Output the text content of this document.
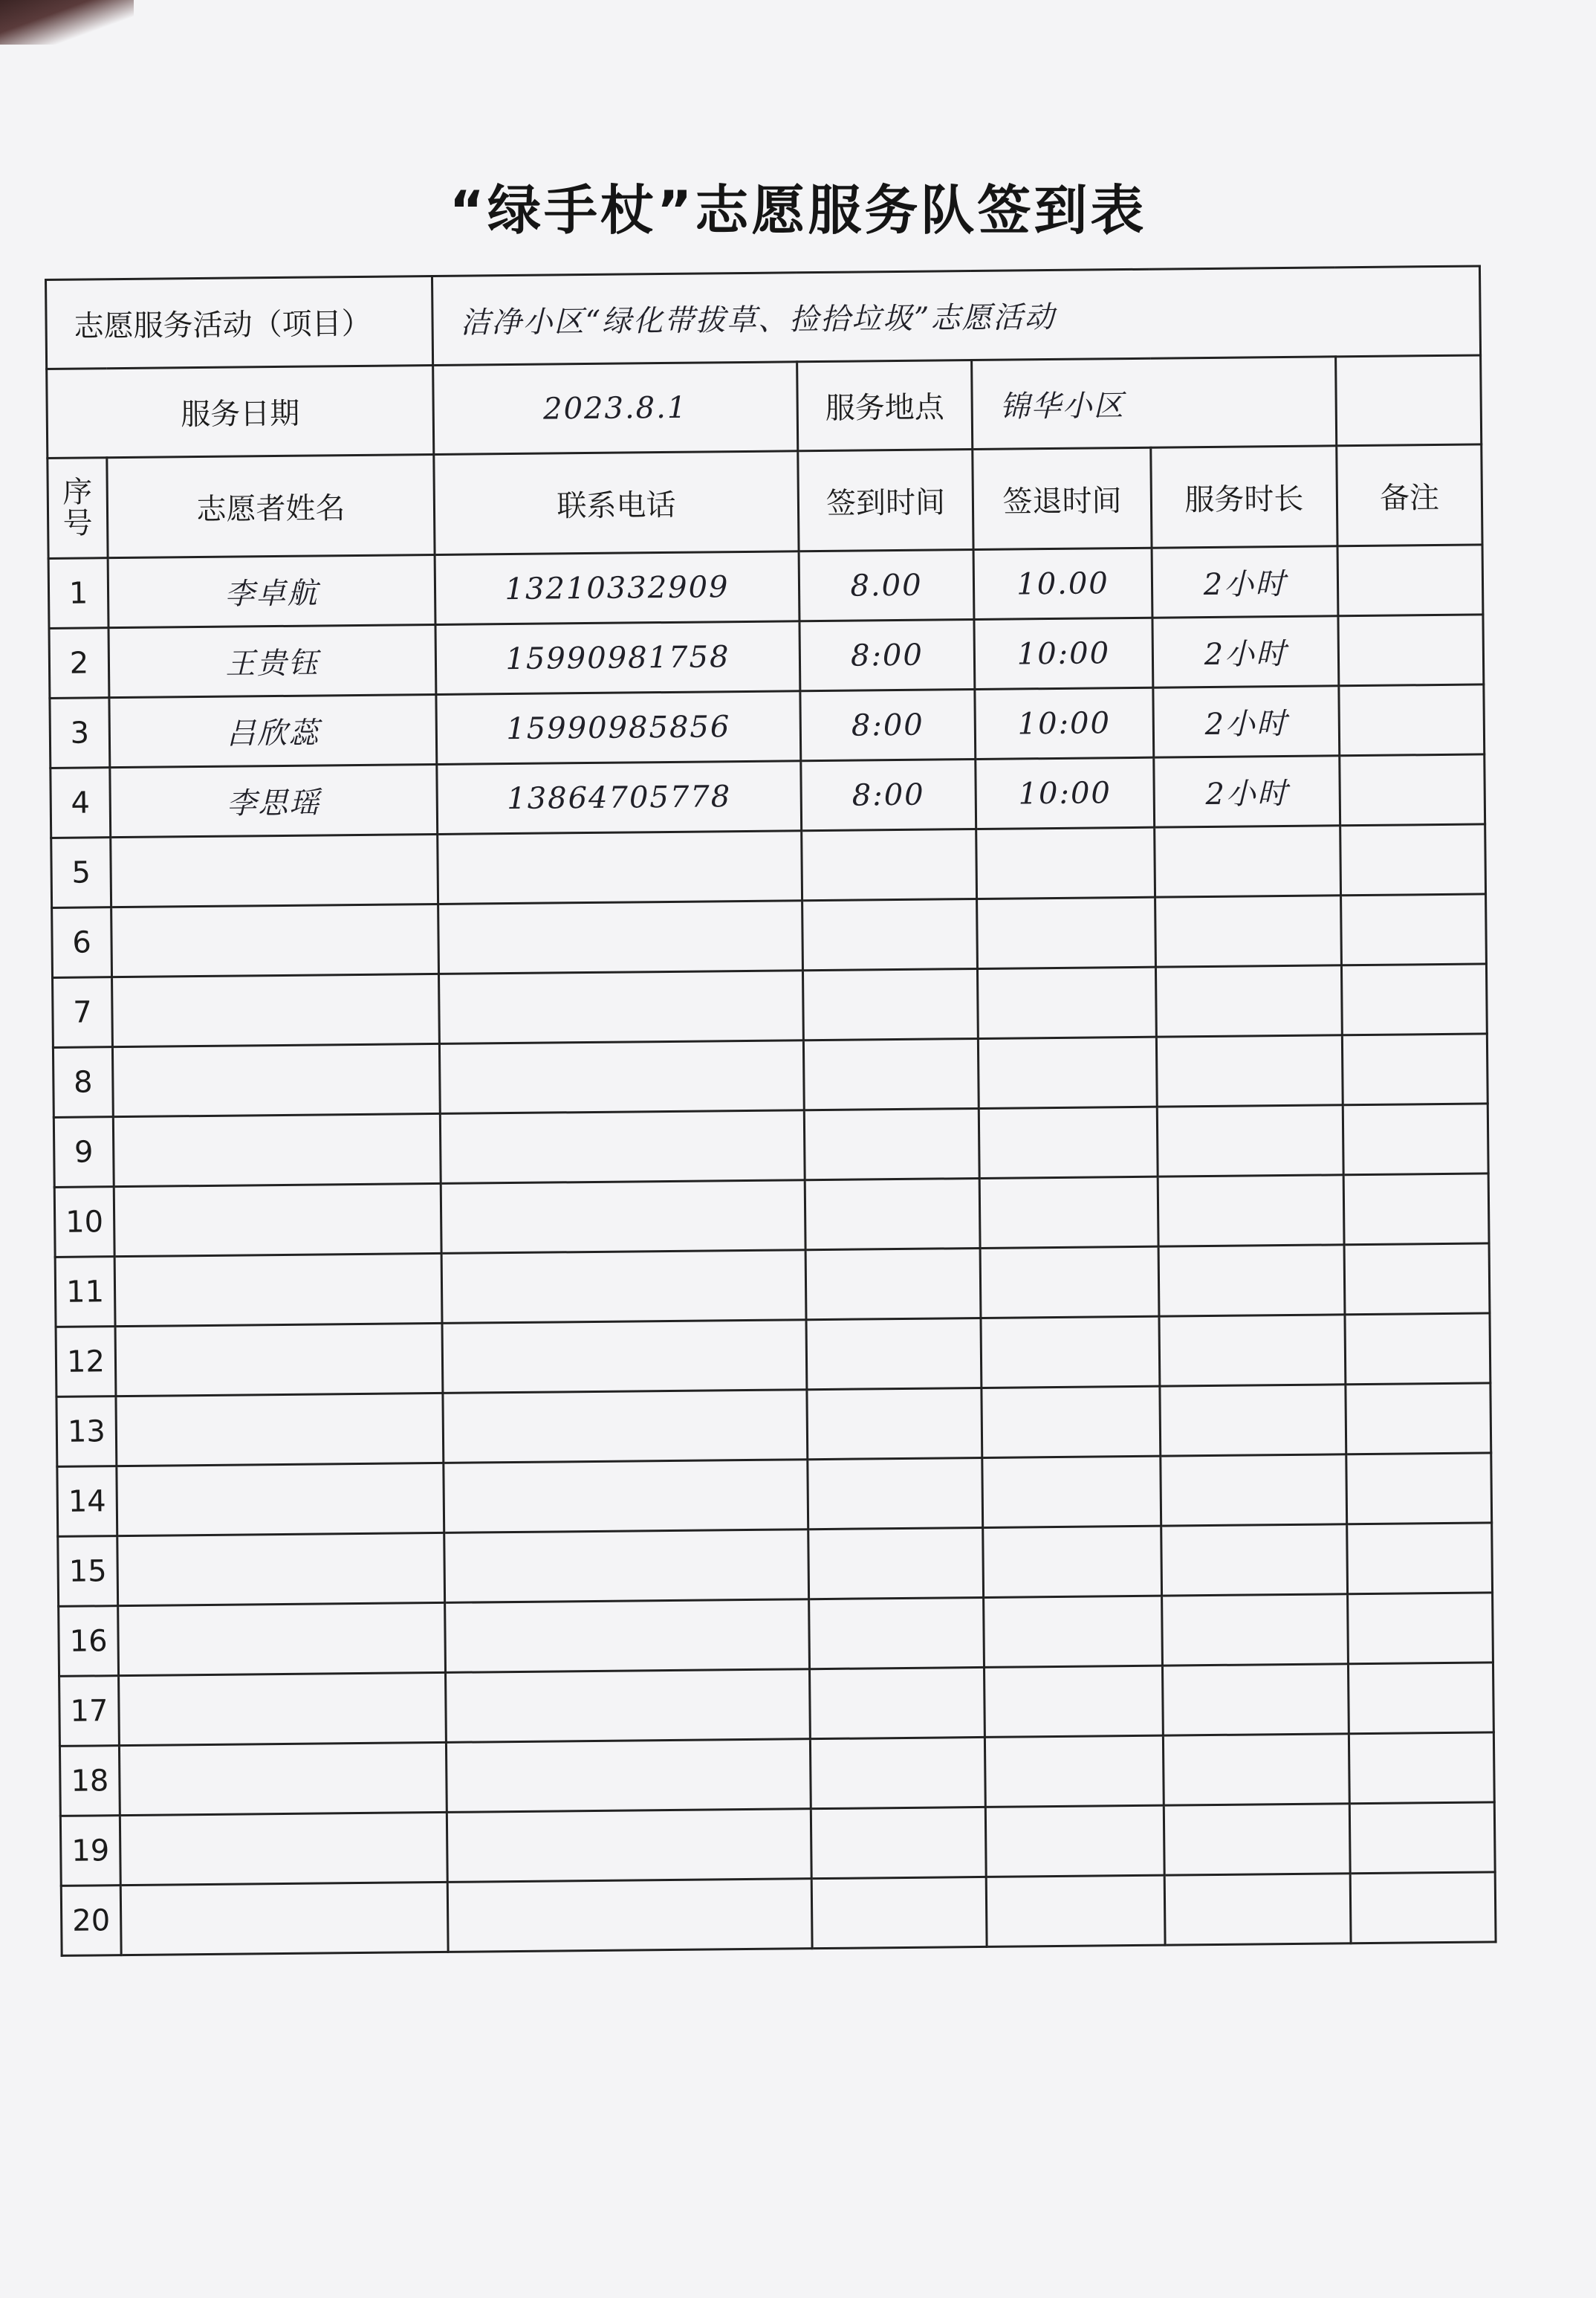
“绿手杖”志愿服务队签到表
志愿服务活动（项目）		洁净小区“绿化带拔草、捡拾垃圾”志愿活动				
服务日期		2023.8.1	服务地点	锦华小区		

序
号	志愿者姓名	联系电话	签到时间	签退时间	服务时长	备注
1	李卓航	13210332909	8.00	10.00	2小时	
2	王贵钰	15990981758	8:00	10:00	2小时	
3	吕欣蕊	15990985856	8:00	10:00	2小时	
4	李思瑶	13864705778	8:00	10:00	2小时	
5						
6						
7						
8						
9						
10						
11						
12						
13						
14						
15						
16						
17						
18						
19						
20						
